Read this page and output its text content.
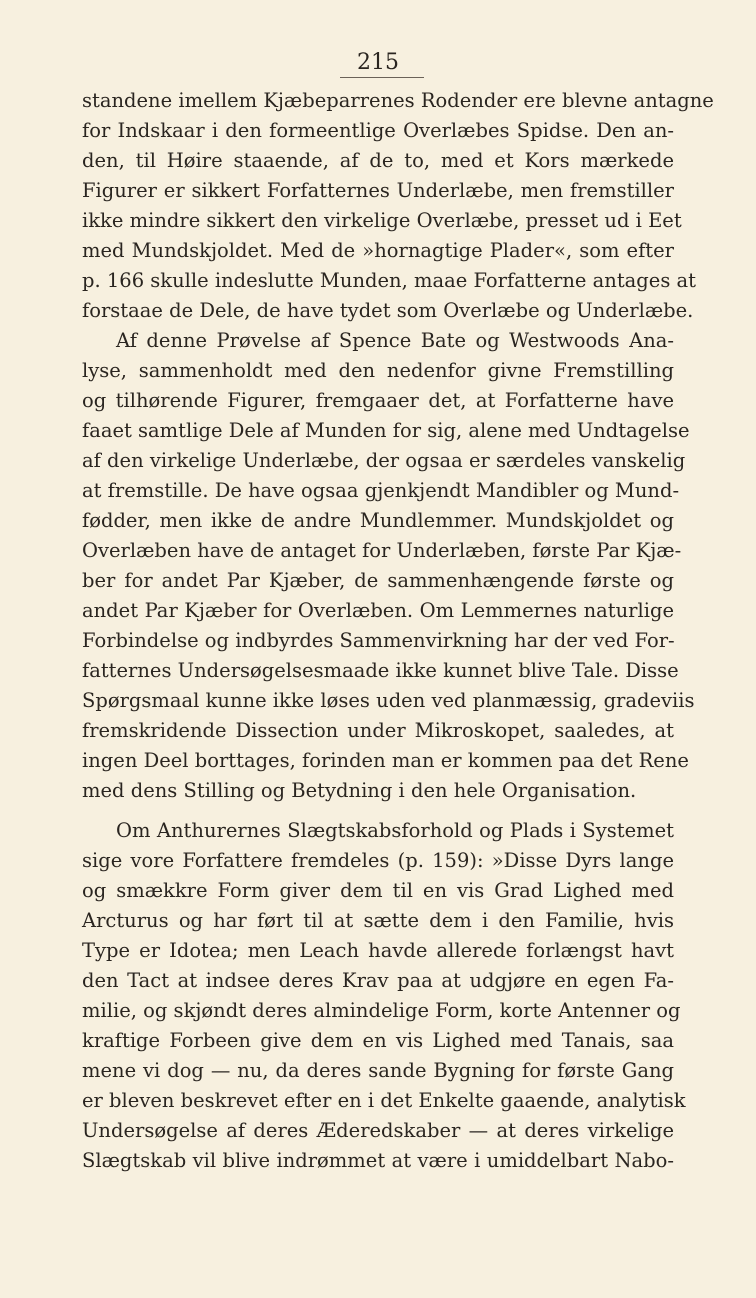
215

standene imellem Kjæbeparrenes Rodender ere blevne antagne

for Indskaar i den formeentlige Overlæbes Spidse. Den an-

den, til Høire staaende, af de to, med et Kors mærkede

Figurer er sikkert Forfatternes Underlæbe, men fremstiller

ikke mindre sikkert den virkelige Overlæbe, presset ud i Eet

med Mundskjoldet. Med de »hornagtige Plader«, som efter

p. 166 skulle indeslutte Munden, maae Forfatterne antages at

forstaae de Dele, de have tydet som Overlæbe og Underlæbe.

Af denne Prøvelse af Spence Bate og Westwoods Ana-

lyse, sammenholdt med den nedenfor givne Fremstilling

og tilhørende Figurer, fremgaaer det, at Forfatterne have

faaet samtlige Dele af Munden for sig, alene med Undtagelse

af den virkelige Underlæbe, der ogsaa er særdeles vanskelig

at fremstille. De have ogsaa gjenkjendt Mandibler og Mund-

fødder, men ikke de andre Mundlemmer. Mundskjoldet og

Overlæben have de antaget for Underlæben, første Par Kjæ-

ber for andet Par Kjæber, de sammenhængende første og

andet Par Kjæber for Overlæben. Om Lemmernes naturlige

Forbindelse og indbyrdes Sammenvirkning har der ved For-

fatternes Undersøgelsesmaade ikke kunnet blive Tale. Disse

Spørgsmaal kunne ikke løses uden ved planmæssig, gradeviis

fremskridende Dissection under Mikroskopet, saaledes, at

ingen Deel borttages, forinden man er kommen paa det Rene

med dens Stilling og Betydning i den hele Organisation.

Om Anthurernes Slægtskabsforhold og Plads i Systemet

sige vore Forfattere fremdeles (p. 159): »Disse Dyrs lange

og smækkre Form giver dem til en vis Grad Lighed med

Arcturus og har ført til at sætte dem i den Familie, hvis

Type er Idotea; men Leach havde allerede forlængst havt

den Tact at indsee deres Krav paa at udgjøre en egen Fa-

milie, og skjøndt deres almindelige Form, korte Antenner og

kraftige Forbeen give dem en vis Lighed med Tanais, saa

mene vi dog — nu, da deres sande Bygning for første Gang

er bleven beskrevet efter en i det Enkelte gaaende, analytisk

Undersøgelse af deres Æderedskaber — at deres virkelige

Slægtskab vil blive indrømmet at være i umiddelbart Nabo-
